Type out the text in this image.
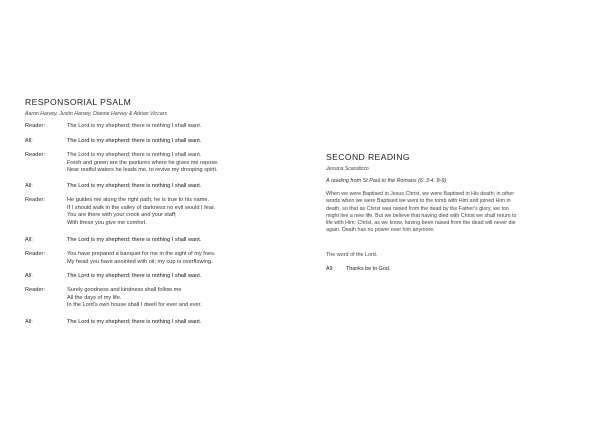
RESPONSORIAL PSALM
Aaron Harvey, Justin Harvey, Dianne Harvey & Adrian Viccars
Reader:	The Lord is my shepherd; there is nothing I shall want.
All:	The Lord is my shepherd; there is nothing I shall want.
Reader:	The Lord is my shepherd; there is nothing I shall want.
Fresh and green are the pastures where he gives me repose.
Near restful waters he leads me, to revive my drooping spirit.
All:	The Lord is my shepherd; there is nothing I shall want.
Reader:	He guides me along the right path; he is true to his name.
If I should walk in the valley of darkness no evil would I fear.
You are there with your crook and your staff;
With these you give me comfort.
All:	The Lord is my shepherd; there is nothing I shall want.
Reader:	You have prepared a banquet for me in the sight of my foes.
My head you have anointed with oil; my cup is overflowing.
All:	The Lord is my shepherd; there is nothing I shall want.
Reader:	Surely goodness and kindness shall follow me
All the days of my life.
In the Lord's own house shall I dwell for ever and ever.
All:	The Lord is my shepherd; there is nothing I shall want.
SECOND READING
Jessica Scandizzo
A reading from St Paul to the Romans (6: 3-4, 8-9)
When we were Baptised in Jesus Christ, we were Baptised in His death; in other
words when we were Baptised we went to the tomb with Him and joined Him in
death, so that as Christ was raised from the dead by the Father's glory, we too
might live a new life. But we believe that having died with Christ we shall return to
life with Him: Christ, as we know, having been raised from the dead will never die
again. Death has no power over him anymore.
The word of the Lord.
All: Thanks be to God.
